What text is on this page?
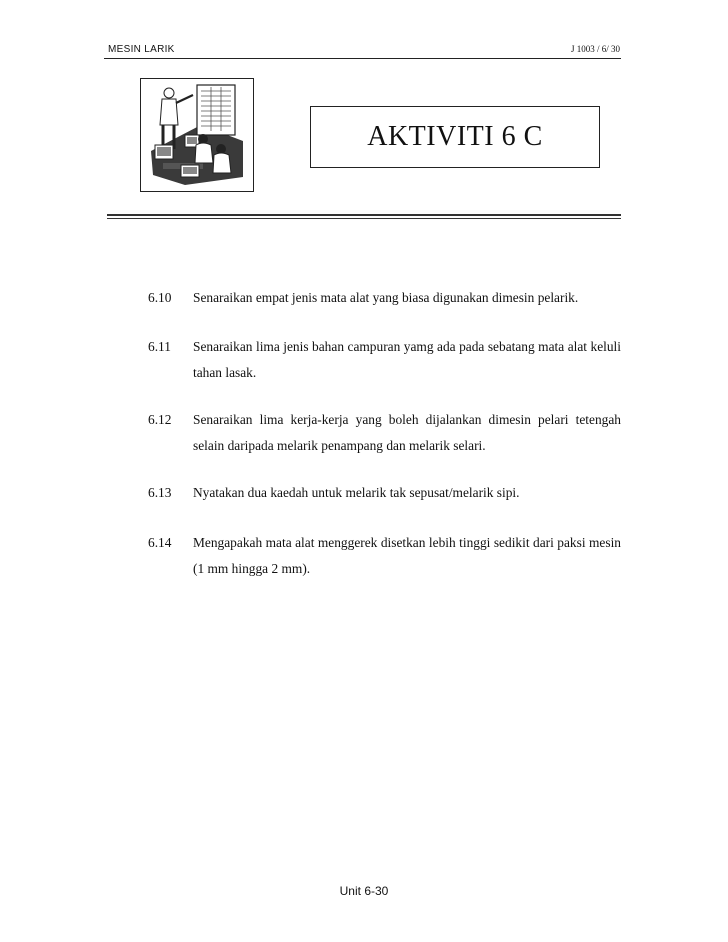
MESIN LARIK	J 1003 / 6/ 30
AKTIVITI 6 C
6.10	Senaraikan empat jenis mata alat yang biasa digunakan dimesin pelarik.
6.11	Senaraikan lima jenis bahan campuran yamg ada pada sebatang mata alat keluli tahan lasak.
6.12	Senaraikan lima kerja-kerja yang boleh dijalankan dimesin pelari tetengah selain daripada melarik penampang dan melarik selari.
6.13	Nyatakan dua kaedah untuk melarik tak sepusat/melarik sipi.
6.14	Mengapakah mata alat menggerek disetkan lebih tinggi sedikit dari paksi mesin (1 mm hingga 2 mm).
Unit 6-30
